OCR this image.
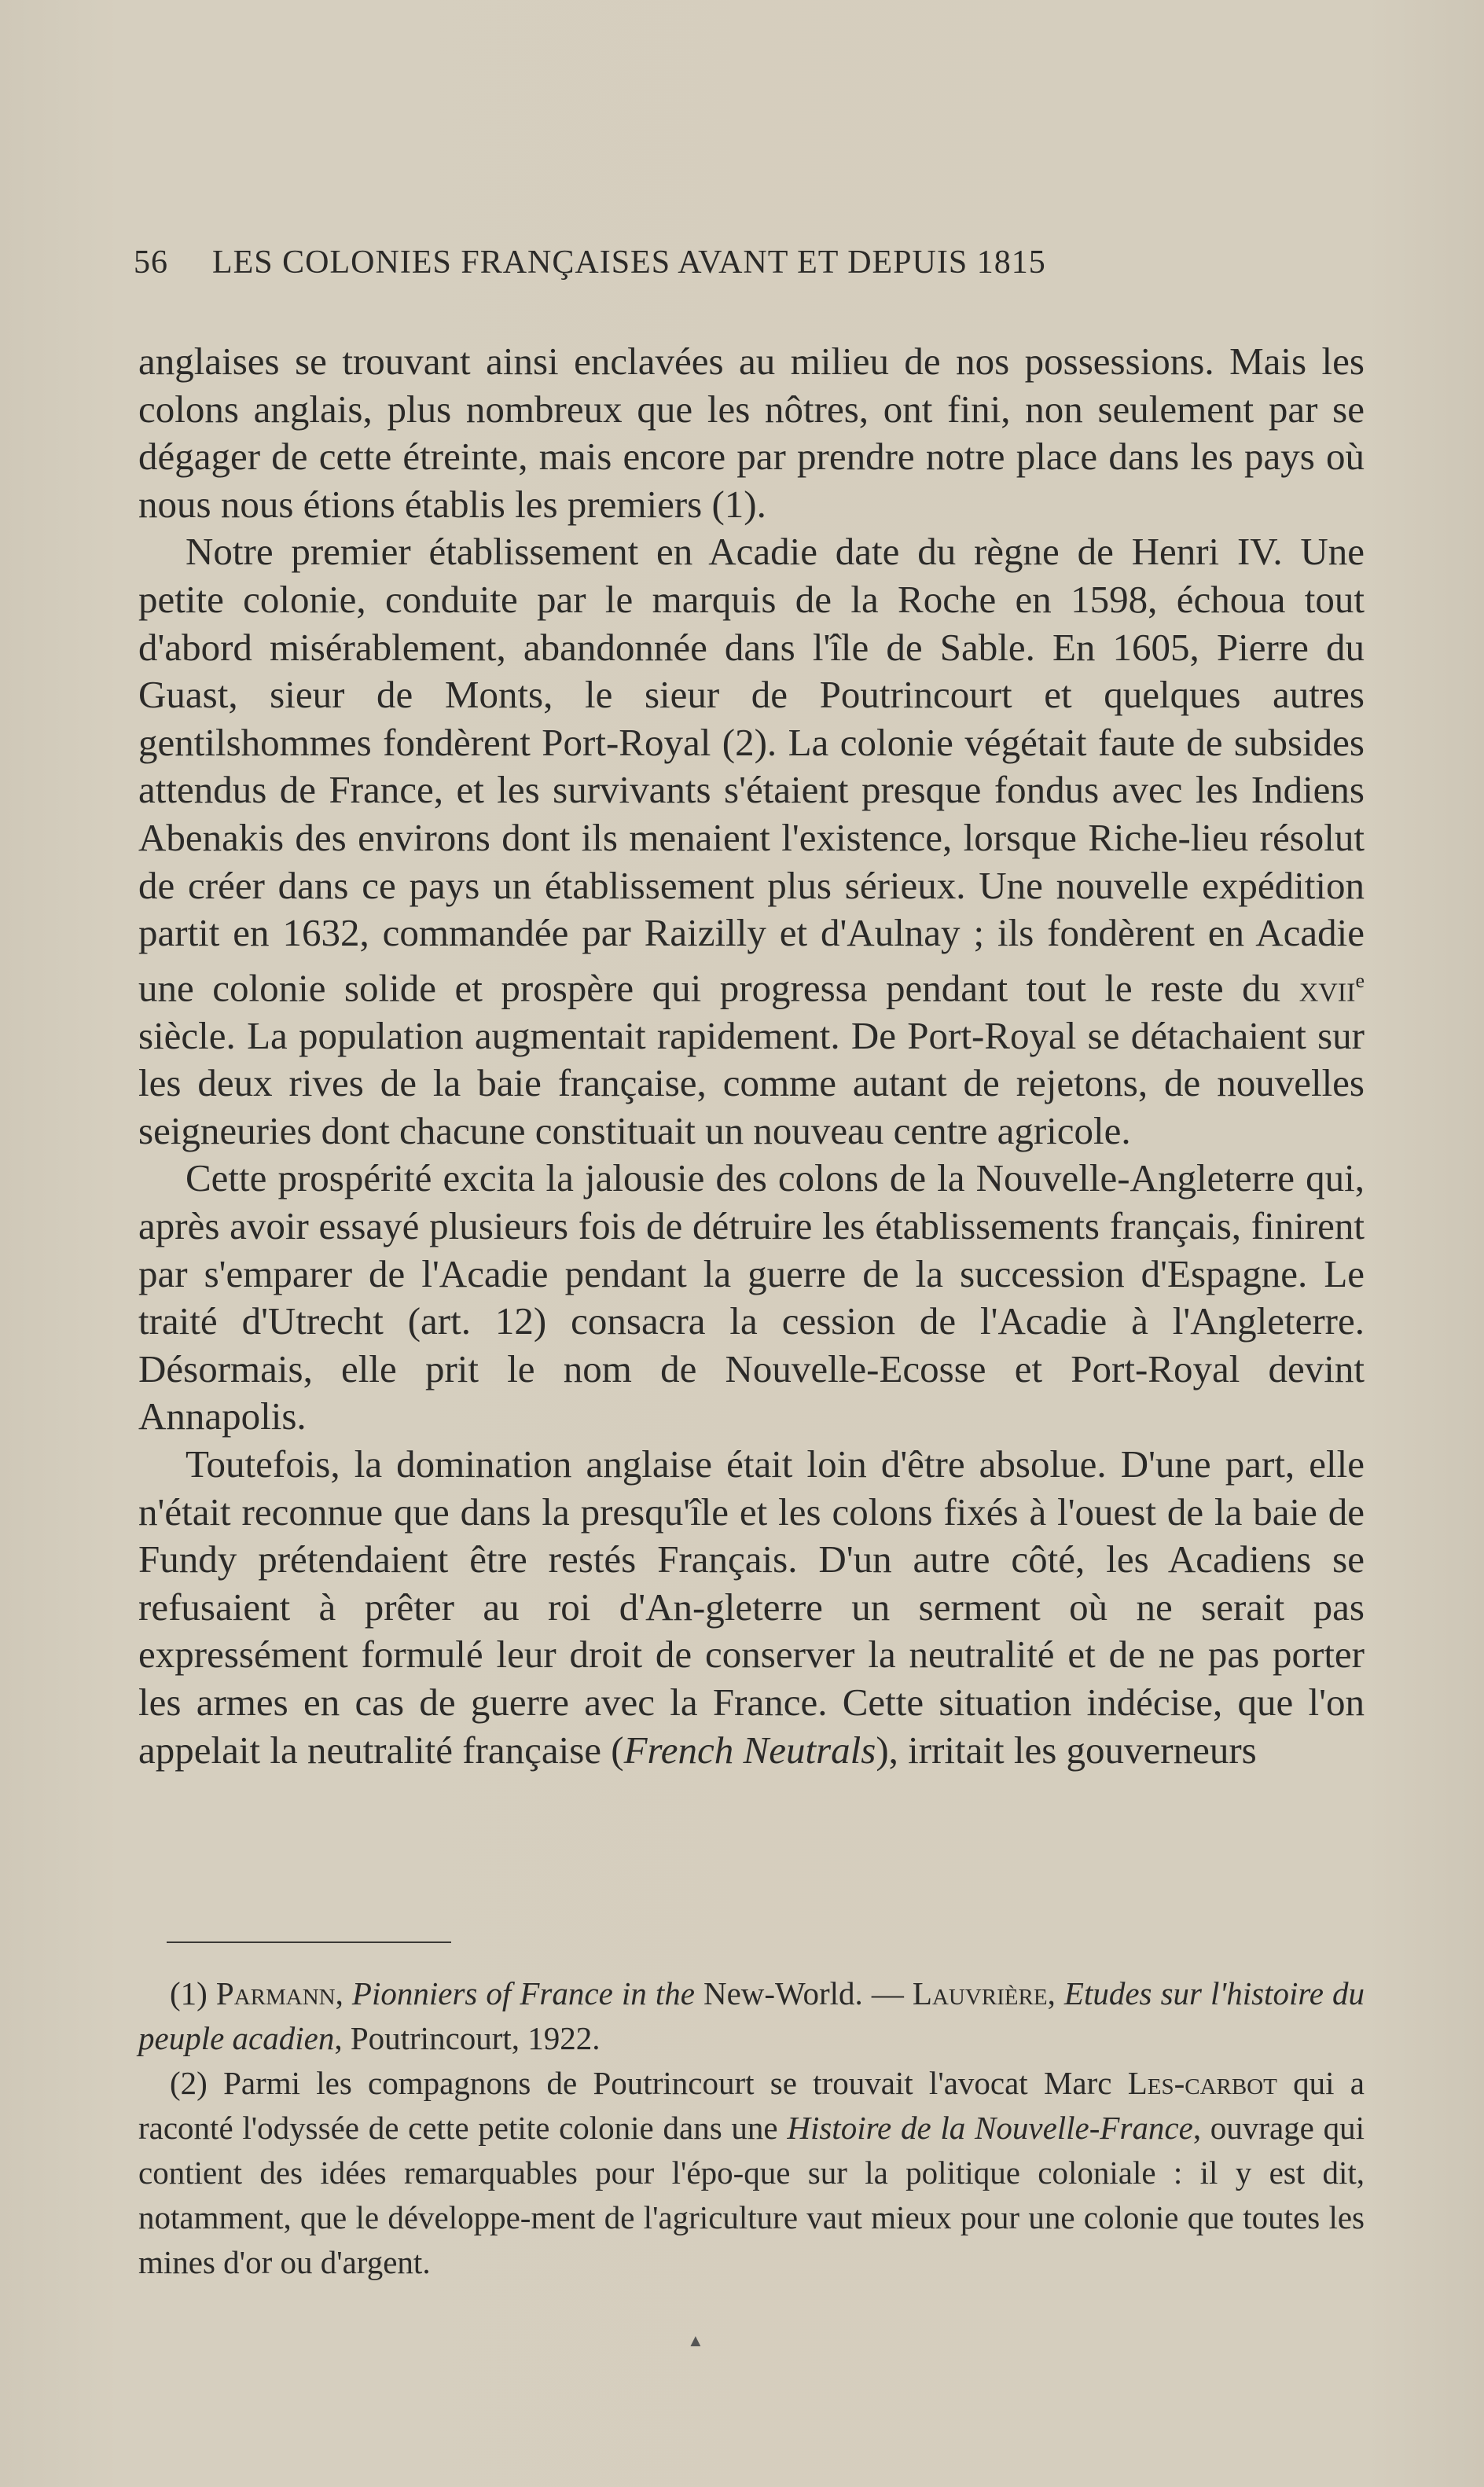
56 LES COLONIES FRANÇAISES AVANT ET DEPUIS 1815

anglaises se trouvant ainsi enclavées au milieu de nos possessions. Mais les colons anglais, plus nombreux que les nôtres, ont fini, non seulement par se dégager de cette étreinte, mais encore par prendre notre place dans les pays où nous nous étions établis les premiers (1).

Notre premier établissement en Acadie date du règne de Henri IV. Une petite colonie, conduite par le marquis de la Roche en 1598, échoua tout d'abord misérablement, abandonnée dans l'île de Sable. En 1605, Pierre du Guast, sieur de Monts, le sieur de Poutrincourt et quelques autres gentilshommes fondèrent Port-Royal (2). La colonie végétait faute de subsides attendus de France, et les survivants s'étaient presque fondus avec les Indiens Abenakis des environs dont ils menaient l'existence, lorsque Riche-lieu résolut de créer dans ce pays un établissement plus sérieux. Une nouvelle expédition partit en 1632, commandée par Raizilly et d'Aulnay ; ils fondèrent en Acadie une colonie solide et prospère qui progressa pendant tout le reste du xvii$^e$ siècle. La population augmentait rapidement. De Port-Royal se détachaient sur les deux rives de la baie française, comme autant de rejetons, de nouvelles seigneuries dont chacune constituait un nouveau centre agricole.

Cette prospérité excita la jalousie des colons de la Nouvelle-Angleterre qui, après avoir essayé plusieurs fois de détruire les établissements français, finirent par s'emparer de l'Acadie pendant la guerre de la succession d'Espagne. Le traité d'Utrecht (art. 12) consacra la cession de l'Acadie à l'Angleterre. Désormais, elle prit le nom de Nouvelle-Ecosse et Port-Royal devint Annapolis.

Toutefois, la domination anglaise était loin d'être absolue. D'une part, elle n'était reconnue que dans la presqu'île et les colons fixés à l'ouest de la baie de Fundy prétendaient être restés Français. D'un autre côté, les Acadiens se refusaient à prêter au roi d'An-gleterre un serment où ne serait pas expressément formulé leur droit de conserver la neutralité et de ne pas porter les armes en cas de guerre avec la France. Cette situation indécise, que l'on appelait la neutralité française (French Neutrals), irritait les gouverneurs

(1) Parmann, Pionniers of France in the New-World. — Lauvrière, Etudes sur l'histoire du peuple acadien, Poutrincourt, 1922.

(2) Parmi les compagnons de Poutrincourt se trouvait l'avocat Marc Les-carbot qui a raconté l'odyssée de cette petite colonie dans une Histoire de la Nouvelle-France, ouvrage qui contient des idées remarquables pour l'épo-que sur la politique coloniale : il y est dit, notamment, que le développe-ment de l'agriculture vaut mieux pour une colonie que toutes les mines d'or ou d'argent.

▲
